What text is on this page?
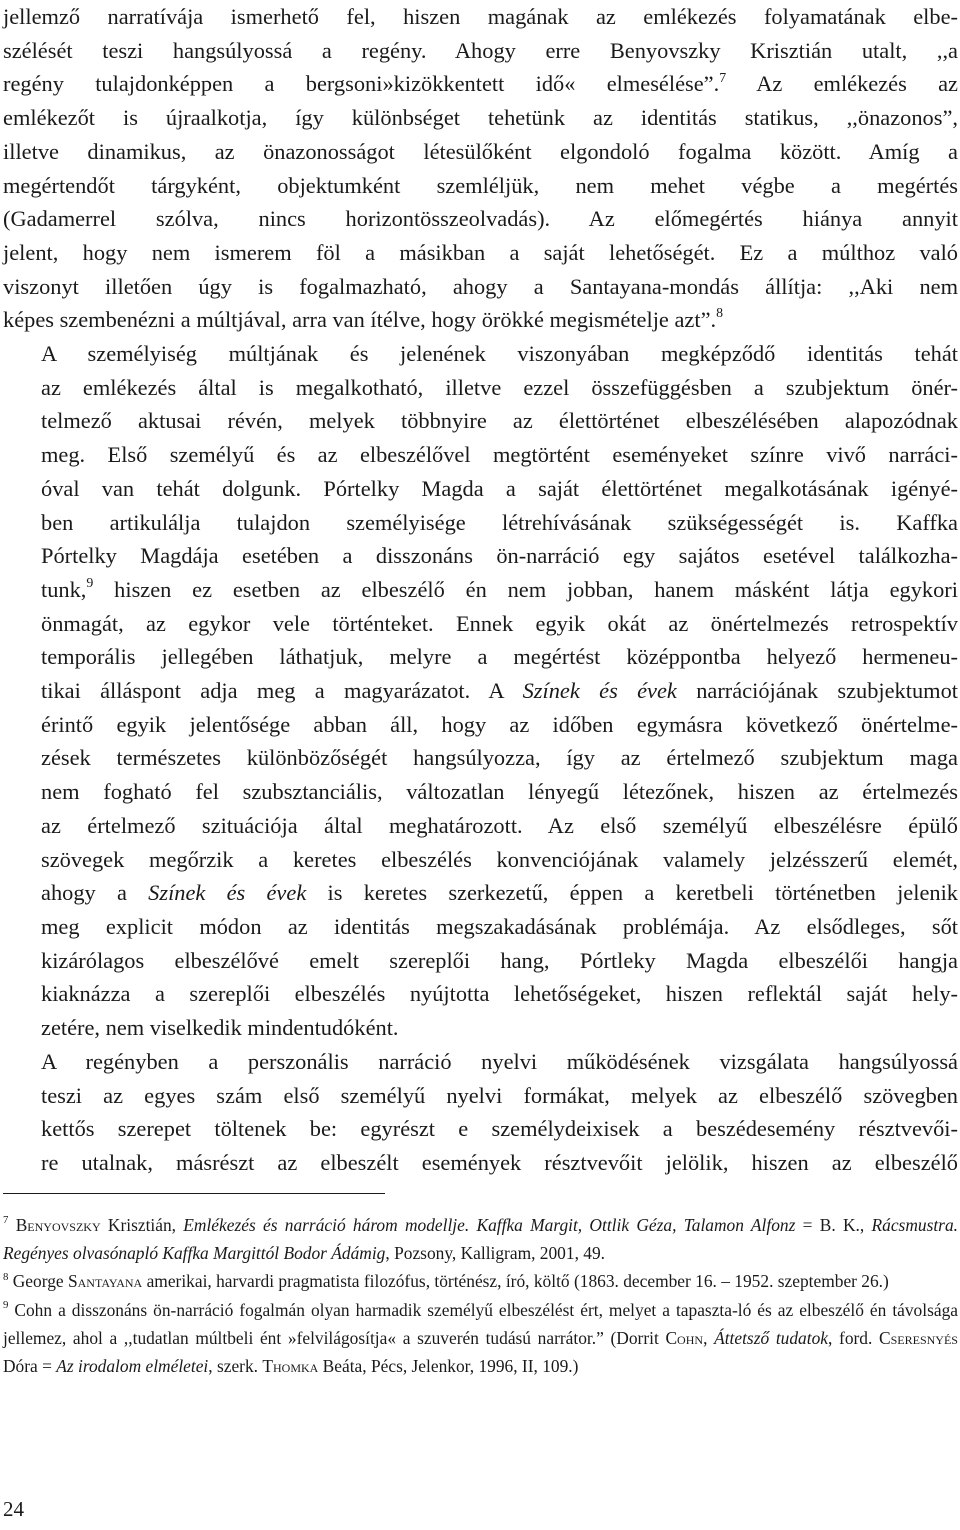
jellemző narratívája ismerhető fel, hiszen magának az emlékezés folyamatának elbe-
szélését teszi hangsúlyossá a regény. Ahogy erre Benyovszky Krisztián utalt, ,,a
regény tulajdonképpen a bergsoni»kizökkentett idő« elmesélése”.$^7$ Az emlékezés az
emlékezőt is újraalkotja, így különbséget tehetünk az identitás statikus, ,,önazonos”,
illetve dinamikus, az önazonosságot létesülőként elgondoló fogalma között. Amíg a
megértendőt tárgyként, objektumként szemléljük, nem mehet végbe a megértés
(Gadamerrel szólva, nincs horizontösszeolvadás). Az előmegértés hiánya annyit
jelent, hogy nem ismerem föl a másikban a saját lehetőségét. Ez a múlthoz való
viszonyt illetően úgy is fogalmazható, ahogy a Santayana-mondás állítja: ,,Aki nem
képes szembenézni a múltjával, arra van ítélve, hogy örökké megismételje azt”.$^8$

A személyiség múltjának és jelenének viszonyában megképződő identitás tehát
az emlékezés által is megalkotható, illetve ezzel összefüggésben a szubjektum önér-
telmező aktusai révén, melyek többnyire az élettörténet elbeszélésében alapozódnak
meg. Első személyű és az elbeszélővel megtörtént eseményeket színre vivő narráci-
óval van tehát dolgunk. Pórtelky Magda a saját élettörténet megalkotásának igényé-
ben artikulálja tulajdon személyisége létrehívásának szükségességét is. Kaffka
Pórtelky Magdája esetében a disszonáns ön-narráció egy sajátos esetével találkozha-
tunk,$^9$ hiszen ez esetben az elbeszélő én nem jobban, hanem másként látja egykori
önmagát, az egykor vele történteket. Ennek egyik okát az önértelmezés retrospektív
temporális jellegében láthatjuk, melyre a megértést középpontba helyező hermeneu-
tikai álláspont adja meg a magyarázatot. A Színek és évek narrációjának szubjektumot
érintő egyik jelentősége abban áll, hogy az időben egymásra következő önértelme-
zések természetes különbözőségét hangsúlyozza, így az értelmező szubjektum maga
nem fogható fel szubsztanciális, változatlan lényegű létezőnek, hiszen az értelmezés
az értelmező szituációja által meghatározott. Az első személyű elbeszélésre épülő
szövegek megőrzik a keretes elbeszélés konvenciójának valamely jelzésszerű elemét,
ahogy a Színek és évek is keretes szerkezetű, éppen a keretbeli történetben jelenik
meg explicit módon az identitás megszakadásának problémája. Az elsődleges, sőt
kizárólagos elbeszélővé emelt szereplői hang, Pórtleky Magda elbeszélői hangja
kiaknázza a szereplői elbeszélés nyújtotta lehetőségeket, hiszen reflektál saját hely-
zetére, nem viselkedik mindentudóként.

A regényben a perszonális narráció nyelvi működésének vizsgálata hangsúlyossá
teszi az egyes szám első személyű nyelvi formákat, melyek az elbeszélő szövegben
kettős szerepet töltenek be: egyrészt e személydeixisek a beszédesemény résztvevői-
re utalnak, másrészt az elbeszélt események résztvevőit jelölik, hiszen az elbeszélő

$^7$ Benyovszky Krisztián, Emlékezés és narráció három modellje. Kaffka Margit, Ottlik Géza, Talamon Alfonz = B. K., Rácsmustra. Regényes olvasónapló Kaffka Margittól Bodor Ádámig, Pozsony, Kalligram, 2001, 49.

$^8$ George Santayana amerikai, harvardi pragmatista filozófus, történész, író, költő (1863. december 16. – 1952. szeptember 26.)

$^9$ Cohn a disszonáns ön-narráció fogalmán olyan harmadik személyű elbeszélést ért, melyet a tapaszta-ló és az elbeszélő én távolsága jellemez, ahol a ,,tudatlan múltbeli ént »felvilágosítja« a szuverén tudású narrátor.” (Dorrit Cohn, Áttetsző tudatok, ford. Cseresnyés Dóra = Az irodalom elméletei, szerk. Thomka Beáta, Pécs, Jelenkor, 1996, II, 109.)

24
